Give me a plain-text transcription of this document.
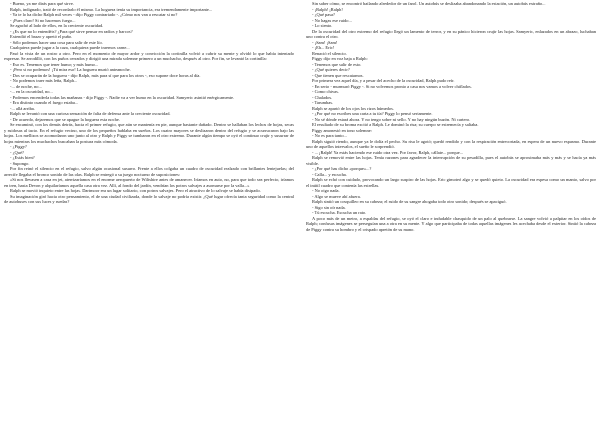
- Bueno, ya me dirás para qué sirve.

Ralph, indignado, trató de recordarlo él mismo. La hoguera tenía su importancia, era tremendamente importante...

- Ya te lo ha dicho Ralph mil veces - dijo Piggy contrariado -. ¿Cómo nos van a rescatar si no?

- ¡Pues claro! Si no hacemos fuego...

Se agachó al lado de ellos, en la creciente oscuridad.

- ¿Es que no lo entendéis? ¿Para qué sirve pensar en radios y barcos?

Extendió el brazo y apretó el puño.

- Sólo podemos hacer una cosa para salir de este lío.

Cualquiera puede jugar a la caza, cualquiera puede traernos carne...

Pasó la vista de un rostro a otro. Pero en el momento de mayor ardor y convicción la cortinilla volvió a cubrir su mente y olvidó lo que había intentado expresar. Se arrodilló, con los puños cerrados y dirigió una mirada solemne primero a un muchacho, después al otro. Por fin, se levantó la cortinilla:

- Eso es. Tenemos que tener humo; y más humo...

- ¡Pero si no podemos! ¡Tú mira eso! La hoguera murió anteanoche.

- Dos se ocuparán de la hoguera - dijo Ralph, más para sí que para los otros -, eso supone doce horas al día.

- No podemos traer más leña, Ralph...

-... de noche, no...

-... en la oscuridad, no...

- Podemos encenderla todas las mañanas - dijo Piggy -. Nadie va a ver humo en la oscuridad. Samyeric asintió enérgicamente.

- Era distinto cuando el fuego estaba...

-... allá arriba.

Ralph se levantó con una curiosa sensación de falta de defensa ante la creciente oscuridad.

- De acuerdo, dejaremos que se apague la hoguera esta noche.

Se encaminó, con los demás detrás, hacia el primer refugio, que aún se mantenía en pie, aunque bastante dañado. Dentro se hallaban los lechos de hojas, secas y ruidosas al tacto. En el refugio vecino, uno de los pequeños hablaba en sueños. Los cuatro mayores se deslizaron dentro del refugio y se acurrucaron bajo las hojas. Los mellizos se acomodaron uno junto al otro y Ralph y Piggy se tumbaron en el otro extremo. Durante algún tiempo se oyó el continuo crujir y susurrar de hojas mientras los muchachos buscaban la postura más cómoda.

- ¿Piggy?

- ¿Qué?

- ¿Estás bien?

- Supongo.

Por fin reinó el silencio en el refugio, salvo algún ocasional susurro. Frente a ellos colgaba un cuadro de oscuridad realzado con brillantes lentejuelas; del arrecife llegaba el bronco sonido de las olas. Ralph se entregó a su juego nocturno de suposiciones:

«Si nos llevasen a casa en jet, aterrizaríamos en el enorme aeropuerto de Wiltshire antes de amanecer. Iríamos en auto, no, para que todo sea perfecto, iríamos en tren, hasta Devon y alquilaríamos aquella casa otra vez. Allí, al fondo del jardín, vendrían los potros salvajes a asomarse por la valla...»

Ralph se movió inquieto entre las hojas. Dartmoor era un lugar solitario, con potros salvajes. Pero el atractivo de lo salvaje se había disipado.

Su imaginación giró hacia otro pensamiento, el de una ciudad civilizada, donde lo salvaje no podría existir. ¿Qué lugar ofrecía tanta seguridad como la central de autobuses con sus luces y ruedas?

Sin saber cómo, se encontró bailando alrededor de un farol. Un autobús se deslizaba abandonando la estación, un autobús extraño...

- ¡Ralph! ¡Ralph!

- ¿Qué pasa?

- No hagas ese ruido...

- Lo siento.

De la oscuridad del otro extremo del refugio llegó un lamento de terror, y en su pánico hicieron crujir las hojas. Samyeric, enlazados en un abrazo, luchaban uno contra el otro.

- ¡Sam! ¡Sam!

- ¡Eh... Eric!

Renació el silencio.

Piggy dijo en voz baja a Ralph:

- Tenemos que salir de esto.

- ¿Qué quieres decir?

- Que tienen que rescatarnos.

Por primera vez aquel día, y a pesar del acecho de la oscuridad, Ralph pudo reír.

- En serio - murmuró Piggy -. Si no volvemos pronto a casa nos vamos a volver chiflados.

- Como chivas.

- Chalados.

- Tarumbas.

Ralph se apartó de los ojos los rizos húmedos.

- ¿Por qué no escribes una carta a tu tía? Piggy lo pensó seriamente.

- No sé dónde estará ahora. Y no tengo sobre ni sello. Y no hay ningún buzón. Ni cartero.

El resultado de su broma excitó a Ralph. Le dominó la risa; su cuerpo se estremecía y saltaba.

Piggy amonestó en tono solemne:

- No es para tanto...

Ralph siguió riendo, aunque ya le dolía el pecho. Su risa le agotó; quedó rendido y con la respiración entrecortada, en espera de un nuevo espasmo. Durante uno de aquellos intervalos, el sueño le sorprendió.

- ... ¡Ralph! Ya estás haciendo ese ruido otra vez. Por favor, Ralph, cállate... porque...

Ralph se removió entre las hojas. Tenía razones para agradecer la interrupción de su pesadilla, pues el autobús se aproximaba más y más y se hacía ya más visible.

- ¿Por qué has dicho «porque»...?

- Calla... y escucha.

Ralph se echó con cuidado, provocando un largo suspiro de las hojas. Eric gimoteó algo y se quedó quieto. La oscuridad era espesa como un manto, salvo por el inútil cuadro que contenía las estrellas.

- No oigo nada.

- Algo se mueve ahí afuera.

Ralph sintió un cosquilleo en su cabeza; el ruido de su sangre ahogaba todo otro sonido; después se apaciguó.

- Sigo sin oír nada.

- Tú escucha. Escucha un rato.

A poco más de un metro, a espaldas del refugio, se oyó el claro e indudable chasquido de un palo al quebrarse. La sangre volvió a palpitar en los oídos de Ralph; confusas imágenes se perseguían una a otra en su mente. Y algo que participaba de todas aquellas imágenes les acechaba desde el exterior. Sintió la cabeza de Piggy contra su hombro y el crispado apretón de su mano.
